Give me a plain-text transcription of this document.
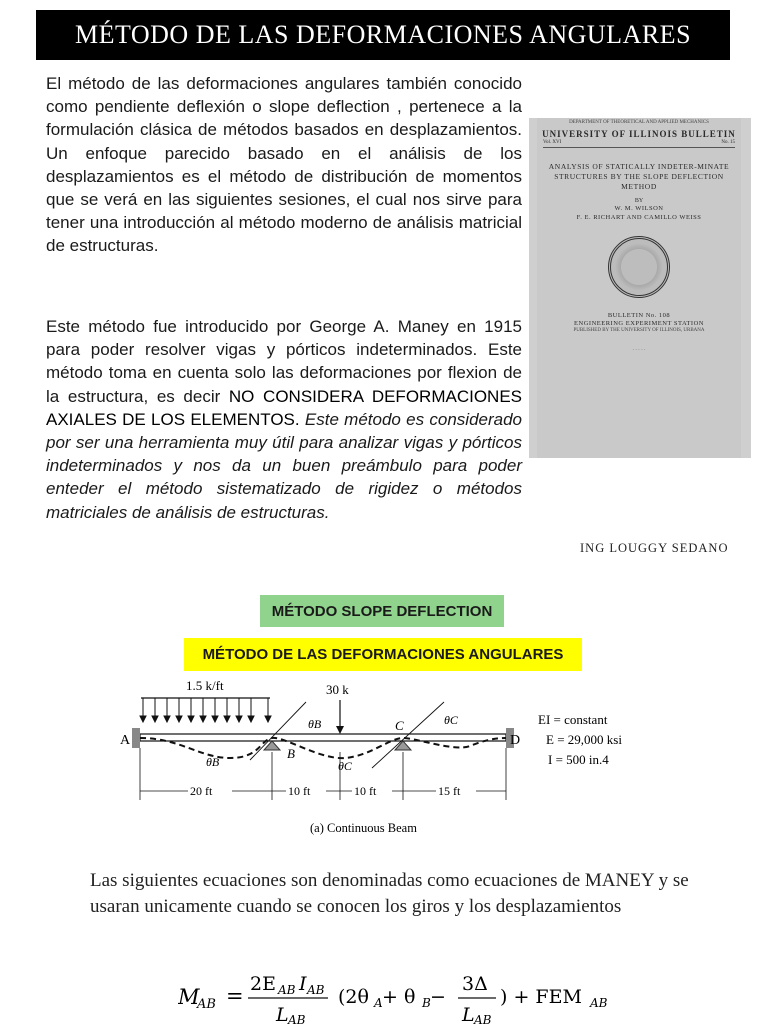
MÉTODO DE LAS DEFORMACIONES ANGULARES

El método de las deformaciones angulares también conocido como pendiente deflexión o slope deflection , pertenece a la formulación clásica de métodos basados en desplazamientos. Un enfoque parecido basado en el análisis de los desplazamientos es el método de distribución de momentos que se verá en las siguientes sesiones, el cual nos sirve para tener una introducción al método moderno de análisis matricial de estructuras.

Este método fue introducido por George A. Maney en 1915 para poder resolver vigas y pórticos indeterminados. Este método toma en cuenta solo las deformaciones por flexion de la estructura, es decir NO CONSIDERA DEFORMACIONES AXIALES DE LOS ELEMENTOS. Este método es considerado por ser una herramienta muy útil para analizar vigas y pórticos indeterminados y nos da un buen preámbulo para poder enteder el método sistematizado de rigidez o métodos matriciales de análisis de estructuras.

DEPARTMENT OF THEORETICAL AND APPLIED MECHANICS
UNIVERSITY OF ILLINOIS BULLETIN
Vol. XVI	No. 15
ANALYSIS OF STATICALLY INDETER-MINATE STRUCTURES BY THE SLOPE DEFLECTION METHOD
BY
W. M. WILSON
F. E. RICHART AND CAMILLO WEISS
BULLETIN No. 108
ENGINEERING EXPERIMENT STATION
PUBLISHED BY THE UNIVERSITY OF ILLINOIS, URBANA
· · · · ·
ING LOUGGY SEDANO
MÉTODO SLOPE DEFLECTION
MÉTODO DE LAS DEFORMACIONES ANGULARES
1.5 k/ft	30 k
A
B
C
D
θB
θB
θC
θC
EI = constant
E = 29,000 ksi
I = 500 in.4
20 ft	10 ft	10 ft	15 ft
(a) Continuous Beam

Las siguientes ecuaciones son denominadas como ecuaciones de MANEY y se usaran unicamente cuando se conocen los giros y los desplazamientos

M
AB = 2E AB I AB
L AB
(2θ A + θ B −
3Δ
L AB
) + FEM AB
